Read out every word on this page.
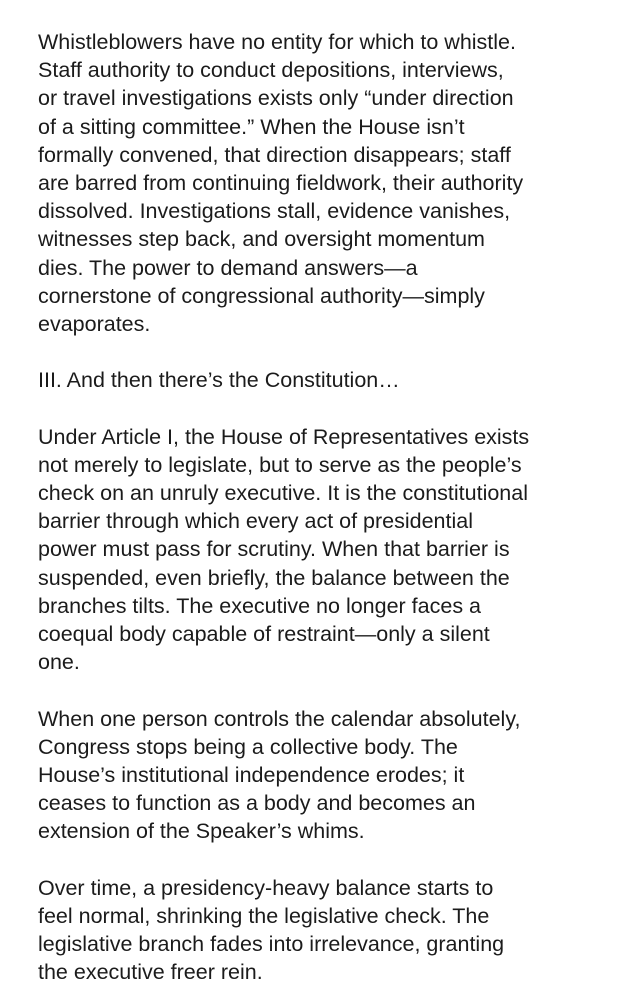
Whistleblowers have no entity for which to whistle.
Staff authority to conduct depositions, interviews,
or travel investigations exists only “under direction
of a sitting committee.” When the House isn’t
formally convened, that direction disappears; staff
are barred from continuing fieldwork, their authority
dissolved. Investigations stall, evidence vanishes,
witnesses step back, and oversight momentum
dies. The power to demand answers—a
cornerstone of congressional authority—simply
evaporates.
III. And then there’s the Constitution…
Under Article I, the House of Representatives exists
not merely to legislate, but to serve as the people’s
check on an unruly executive. It is the constitutional
barrier through which every act of presidential
power must pass for scrutiny. When that barrier is
suspended, even briefly, the balance between the
branches tilts. The executive no longer faces a
coequal body capable of restraint—only a silent
one.
When one person controls the calendar absolutely,
Congress stops being a collective body. The
House’s institutional independence erodes; it
ceases to function as a body and becomes an
extension of the Speaker’s whims.
Over time, a presidency-heavy balance starts to
feel normal, shrinking the legislative check. The
legislative branch fades into irrelevance, granting
the executive freer rein.
